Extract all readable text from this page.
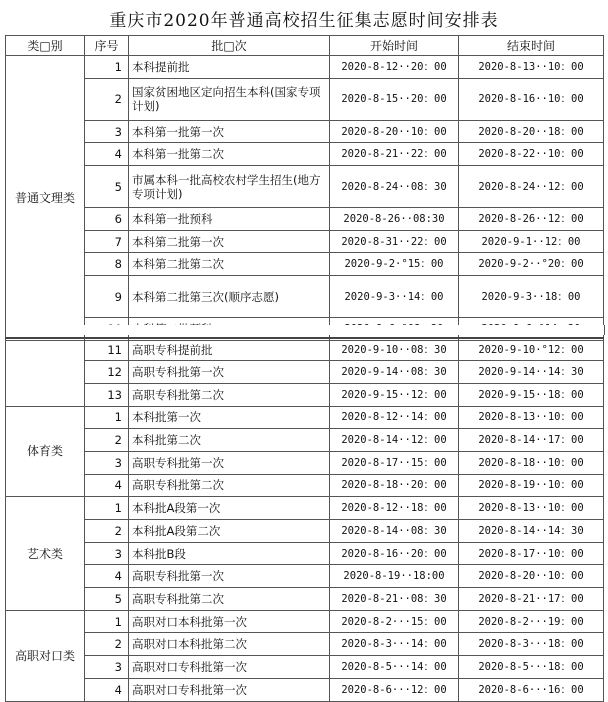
重庆市2020年普通高校招生征集志愿时间安排表
类□别	序号	批□次	开始时间	结束时间
普通文理类	1	本科提前批	2020-8-12··20：00	2020-8-13··10：00
	2	国家贫困地区定向招生本科(国家专项计划)	2020-8-15··20：00	2020-8-16··10：00
	3	本科第一批第一次	2020-8-20··10：00	2020-8-20··18：00
	4	本科第一批第二次	2020-8-21··22：00	2020-8-22··10：00
	5	市属本科一批高校农村学生招生(地方专项计划)	2020-8-24··08：30	2020-8-24··12：00
	6	本科第一批预科	2020-8-26··08:30	2020-8-26··12：00
	7	本科第二批第一次	2020-8-31··22：00	2020-9-1··12：00
	8	本科第二批第二次	2020-9-2·°15：00	2020-9-2··°20：00
	9	本科第二批第三次(顺序志愿)	2020-9-3··14：00	2020-9-3··18：00

	11	高职专科提前批	2020-9-10··08：30	2020-9-10·°12：00
	12	高职专科批第一次	2020-9-14··08：30	2020-9-14··14：30
	13	高职专科批第二次	2020-9-15··12：00	2020-9-15··18：00
体育类	1	本科批第一次	2020-8-12··14：00	2020-8-13··10：00
	2	本科批第二次	2020-8-14··12：00	2020-8-14··17：00
	3	高职专科批第一次	2020-8-17··15：00	2020-8-18··10：00
	4	高职专科批第二次	2020-8-18··20：00	2020-8-19··10：00
艺术类	1	本科批A段第一次	2020-8-12··18：00	2020-8-13··10：00
	2	本科批A段第二次	2020-8-14··08：30	2020-8-14··14：30
	3	本科批B段	2020-8-16··20：00	2020-8-17··10：00
	4	高职专科批第一次	2020-8-19··18:00	2020-8-20··10：00
	5	高职专科批第二次	2020-8-21··08：30	2020-8-21··17：00
高职对口类	1	高职对口本科批第一次	2020-8-2···15：00	2020-8-2···19：00
	2	高职对口本科批第二次	2020-8-3···14：00	2020-8-3···18：00
	3	高职对口专科批第一次	2020-8-5···14：00	2020-8-5···18：00
	4	高职对口专科批第一次	2020-8-6···12：00	2020-8-6···16：00
